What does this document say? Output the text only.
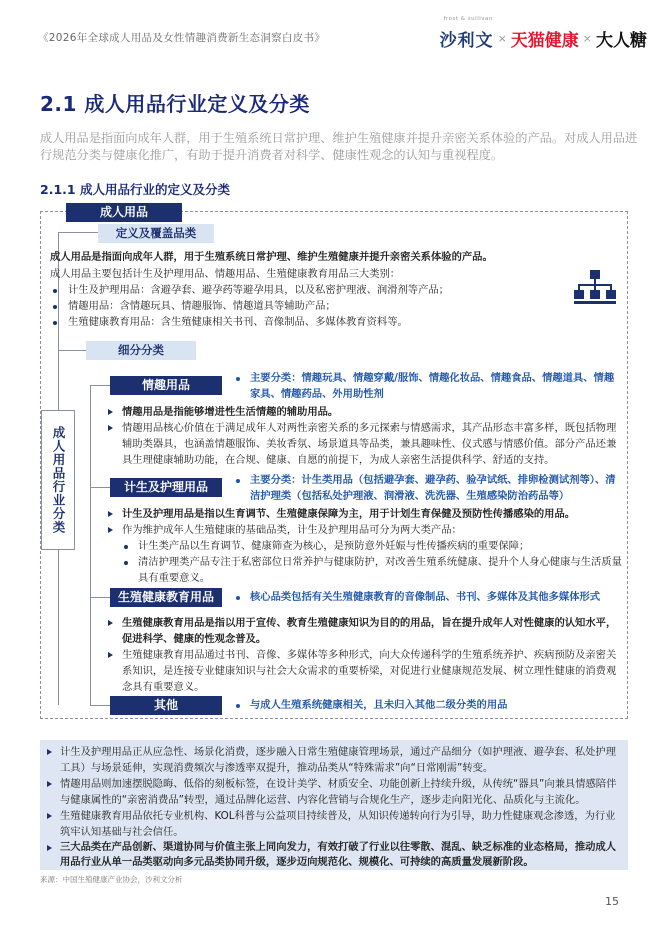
《2026年全球成人用品及女性情趣消费新生态洞察白皮书》
frost & sullivan
沙利文 × 天猫健康 × 大人糖
2.1 成人用品行业定义及分类
成人用品是指面向成年人群，用于生殖系统日常护理、维护生殖健康并提升亲密关系体验的产品。对成人用品进行规范分类与健康化推广，有助于提升消费者对科学、健康性观念的认知与重视程度。
2.1.1 成人用品行业的定义及分类
成人用品
定义及覆盖品类
成人用品是指面向成年人群，用于生殖系统日常护理、维护生殖健康并提升亲密关系体验的产品。
成人用品主要包括计生及护理用品、情趣用品、生殖健康教育用品三大类别：
计生及护理用品：含避孕套、避孕药等避孕用具，以及私密护理液、润滑剂等产品；
情趣用品：含情趣玩具、情趣服饰、情趣道具等辅助产品；
生殖健康教育用品：含生殖健康相关书刊、音像制品、多媒体教育资料等。
细分分类
成人用品行业分类
情趣用品	主要分类：情趣玩具、情趣穿戴/服饰、情趣化妆品、情趣食品、情趣道具、情趣家具、情趣药品、外用助性剂
情趣用品是指能够增进性生活情趣的辅助用品。
情趣用品核心价值在于满足成年人对两性亲密关系的多元探索与情感需求，其产品形态丰富多样，既包括物理辅助类器具，也涵盖情趣服饰、美妆香氛、场景道具等品类，兼具趣味性、仪式感与情感价值。部分产品还兼具生理健康辅助功能，在合规、健康、自愿的前提下，为成人亲密生活提供科学、舒适的支持。
计生及护理用品	主要分类：计生类用品（包括避孕套、避孕药、验孕试纸、排卵检测试剂等）、清洁护理类（包括私处护理液、润滑液、洗洗器、生殖感染防治药品等）
计生及护理用品是指以生育调节、生殖健康保障为主，用于计划生育保健及预防性传播感染的用品。
作为维护成年人生殖健康的基础品类，计生及护理用品可分为两大类产品：
计生类产品以生育调节、健康筛查为核心，是预防意外妊娠与性传播疾病的重要保障；
清洁护理类产品专注于私密部位日常养护与健康防护，对改善生殖系统健康、提升个人身心健康与生活质量具有重要意义。
生殖健康教育用品	核心品类包括有关生殖健康教育的音像制品、书刊、多媒体及其他多媒体形式
生殖健康教育用品是指以用于宣传、教育生殖健康知识为目的的用品，旨在提升成年人对性健康的认知水平，促进科学、健康的性观念普及。
生殖健康教育用品通过书刊、音像、多媒体等多种形式，向大众传递科学的生殖系统养护、疾病预防及亲密关系知识，是连接专业健康知识与社会大众需求的重要桥梁，对促进行业健康规范发展、树立理性健康的消费观念具有重要意义。
其他	与成人生殖系统健康相关，且未归入其他二级分类的用品
计生及护理用品正从应急性、场景化消费，逐步融入日常生殖健康管理场景，通过产品细分（如护理液、避孕套、私处护理工具）与场景延伸，实现消费频次与渗透率双提升，推动品类从“特殊需求”向“日常刚需”转变。
情趣用品则加速摆脱隐晦、低俗的刻板标签，在设计美学、材质安全、功能创新上持续升级，从传统“器具”向兼具情感陪伴与健康属性的“亲密消费品”转型，通过品牌化运营、内容化营销与合规化生产，逐步走向阳光化、品质化与主流化。
生殖健康教育用品依托专业机构、KOL科普与公益项目持续普及，从知识传递转向行为引导，助力性健康观念渗透，为行业筑牢认知基础与社会信任。
三大品类在产品创新、渠道协同与价值主张上同向发力，有效打破了行业以往零散、混乱、缺乏标准的业态格局，推动成人用品行业从单一品类驱动向多元品类协同升级，逐步迈向规范化、规模化、可持续的高质量发展新阶段。
来源：中国生殖健康产业协会，沙利文分析
15
